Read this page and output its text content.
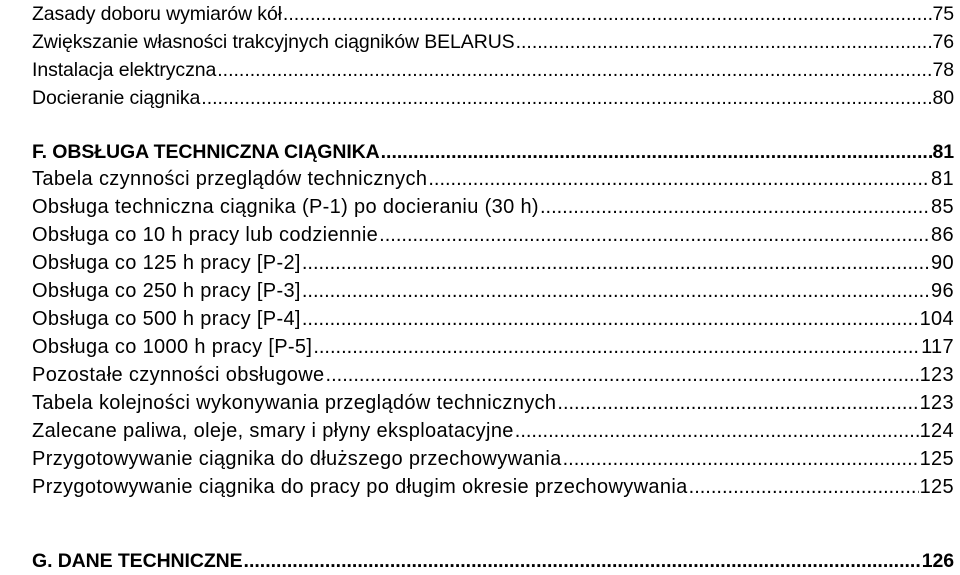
Zasady doboru wymiarów kół .....	75
Zwiększanie własności trakcyjnych ciągników BELARUS .....	76
Instalacja elektryczna .....	78
Docieranie ciągnika .....	80
F. OBSŁUGA TECHNICZNA CIĄGNIKA .....	81
Tabela czynności przeglądów technicznych .....	81
Obsługa techniczna ciągnika (P-1) po docieraniu (30 h) .....	85
Obsługa co 10 h pracy lub codziennie .....	86
Obsługa co 125 h pracy [P-2] .....	90
Obsługa co 250 h pracy [P-3] .....	96
Obsługa co 500 h pracy [P-4] .....	104
Obsługa co 1000 h pracy [P-5] .....	117
Pozostałe czynności obsługowe .....	123
Tabela kolejności wykonywania przeglądów technicznych .....	123
Zalecane paliwa, oleje, smary i płyny eksploatacyjne .....	124
Przygotowywanie ciągnika do dłuższego przechowywania .....	125
Przygotowywanie ciągnika do pracy po długim okresie przechowywania .....	125
G. DANE TECHNICZNE .....	126
